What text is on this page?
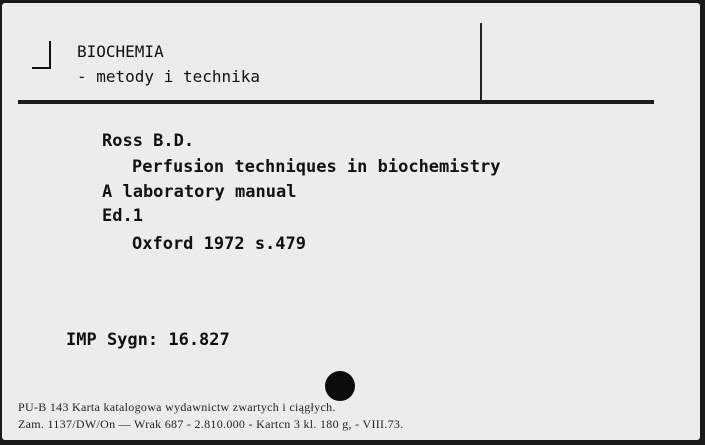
BIOCHEMIA
- metody i technika
Ross B.D.
Perfusion techniques in biochemistry
A laboratory manual
Ed.1
Oxford 1972 s.479
IMP Sygn: 16.827
PU-B 143 Karta katalogowa wydawnictw zwartych i ciągłych.
Zam. 1137/DW/On — Wrak 687 - 2.810.000 - Kartcn 3 kl. 180 g, - VIII.73.
